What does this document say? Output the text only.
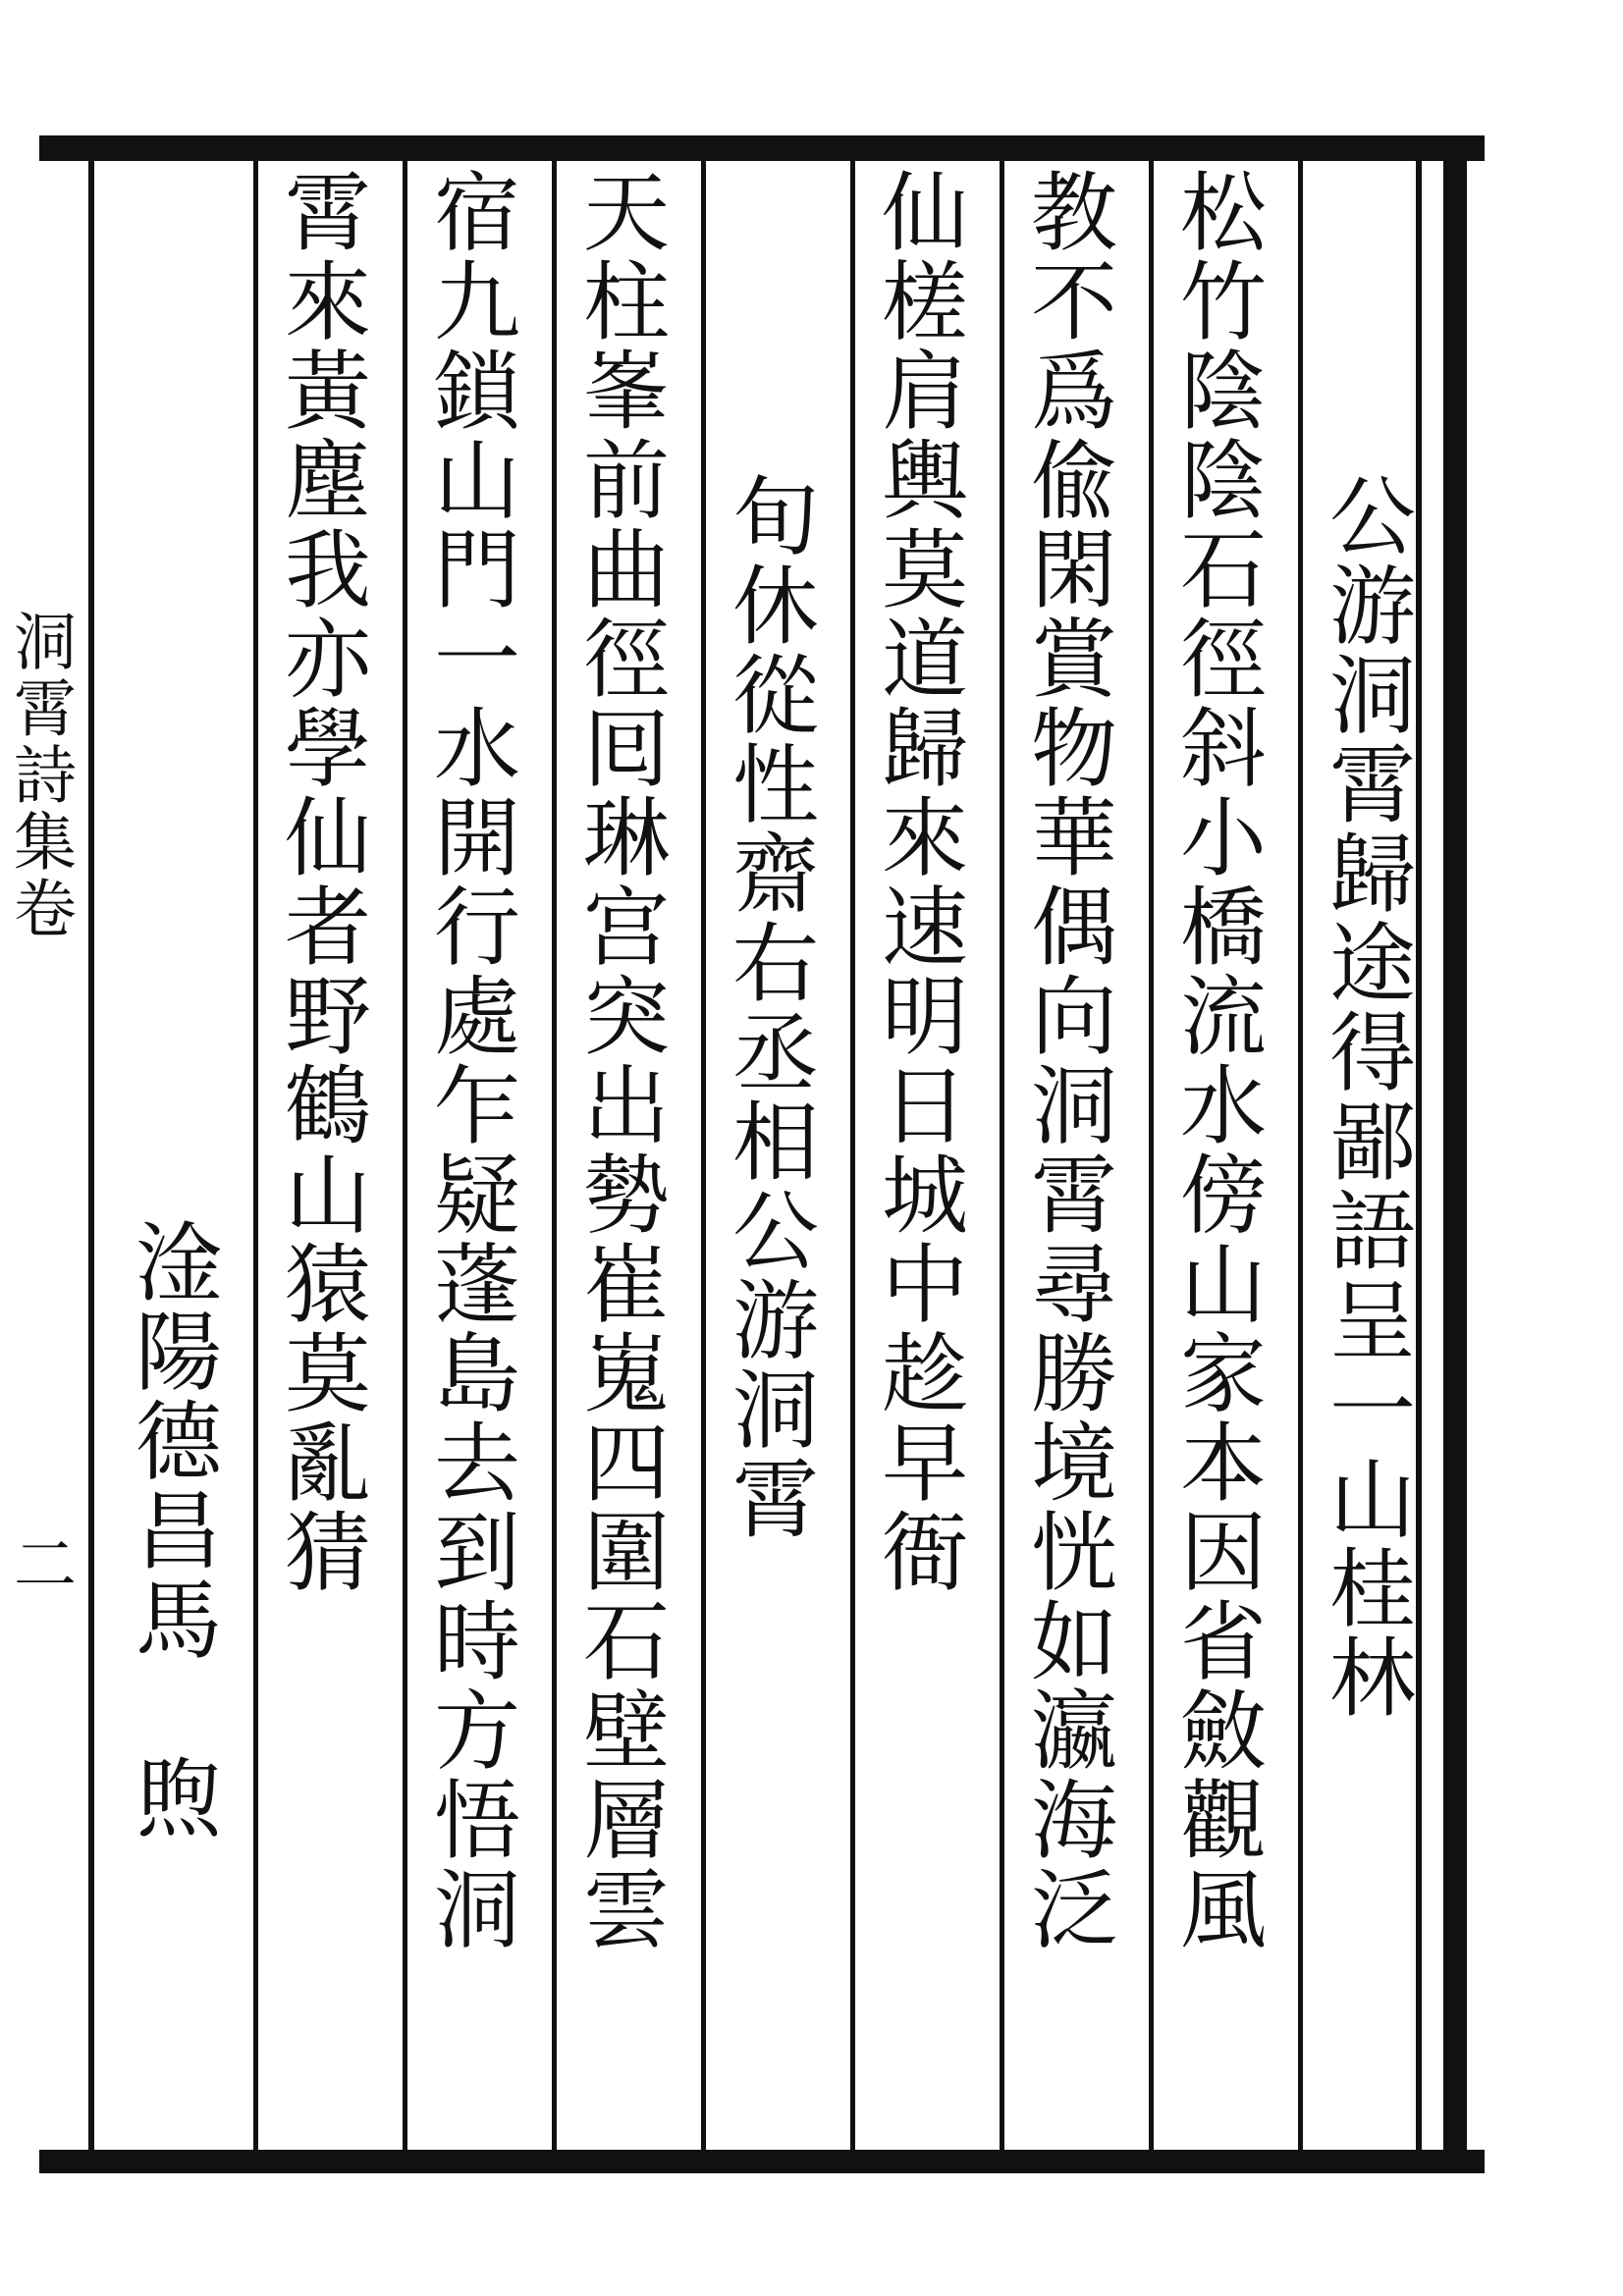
公游洞霄歸途得鄙語呈一山桂林
松竹陰陰石徑斜小橋流水傍山家本因省斂觀風
教不爲偸閑賞物華偶向洞霄尋勝境恍如瀛海泛
仙槎肩輿莫道歸來速明日城中趁早衙
旬休從性齋右丞相公游洞霄
天柱峯前曲徑囘琳宫突出勢崔嵬四圍石壁層雲
宿九鎖山門一水開行處乍疑蓬島去到時方悟洞
霄來黃塵我亦學仙者野鶴山猿莫亂猜
淦陽德昌馬　煦
洞霄詩集卷
二
